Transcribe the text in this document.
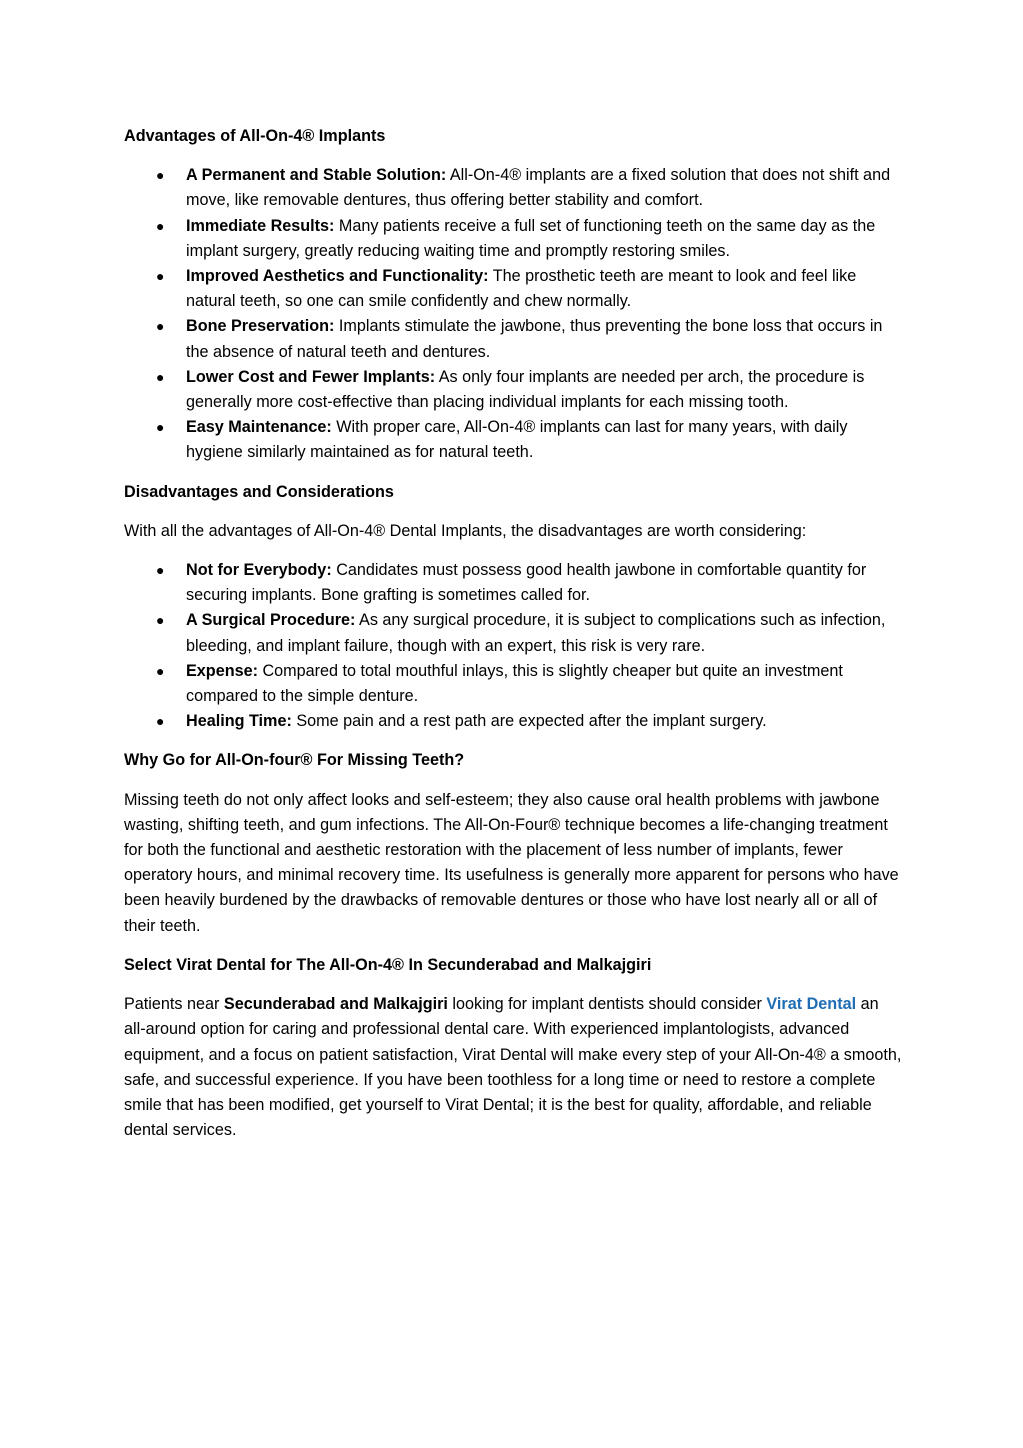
Advantages of All-On-4® Implants
● A Permanent and Stable Solution: All-On-4® implants are a fixed solution that does not shift and move, like removable dentures, thus offering better stability and comfort.
● Immediate Results: Many patients receive a full set of functioning teeth on the same day as the implant surgery, greatly reducing waiting time and promptly restoring smiles.
● Improved Aesthetics and Functionality: The prosthetic teeth are meant to look and feel like natural teeth, so one can smile confidently and chew normally.
● Bone Preservation: Implants stimulate the jawbone, thus preventing the bone loss that occurs in the absence of natural teeth and dentures.
● Lower Cost and Fewer Implants: As only four implants are needed per arch, the procedure is generally more cost-effective than placing individual implants for each missing tooth.
● Easy Maintenance: With proper care, All-On-4® implants can last for many years, with daily hygiene similarly maintained as for natural teeth.
Disadvantages and Considerations

With all the advantages of All-On-4® Dental Implants, the disadvantages are worth considering:

● Not for Everybody: Candidates must possess good health jawbone in comfortable quantity for securing implants. Bone grafting is sometimes called for.
● A Surgical Procedure: As any surgical procedure, it is subject to complications such as infection, bleeding, and implant failure, though with an expert, this risk is very rare.
● Expense: Compared to total mouthful inlays, this is slightly cheaper but quite an investment compared to the simple denture.
● Healing Time: Some pain and a rest path are expected after the implant surgery.
Why Go for All-On-four® For Missing Teeth?

Missing teeth do not only affect looks and self-esteem; they also cause oral health problems with jawbone wasting, shifting teeth, and gum infections. The All-On-Four® technique becomes a life-changing treatment for both the functional and aesthetic restoration with the placement of less number of implants, fewer operatory hours, and minimal recovery time. Its usefulness is generally more apparent for persons who have been heavily burdened by the drawbacks of removable dentures or those who have lost nearly all or all of their teeth.

Select Virat Dental for The All-On-4® In Secunderabad and Malkajgiri

Patients near Secunderabad and Malkajgiri looking for implant dentists should consider Virat Dental an all-around option for caring and professional dental care. With experienced implantologists, advanced equipment, and a focus on patient satisfaction, Virat Dental will make every step of your All-On-4® a smooth, safe, and successful experience. If you have been toothless for a long time or need to restore a complete smile that has been modified, get yourself to Virat Dental; it is the best for quality, affordable, and reliable dental services.
